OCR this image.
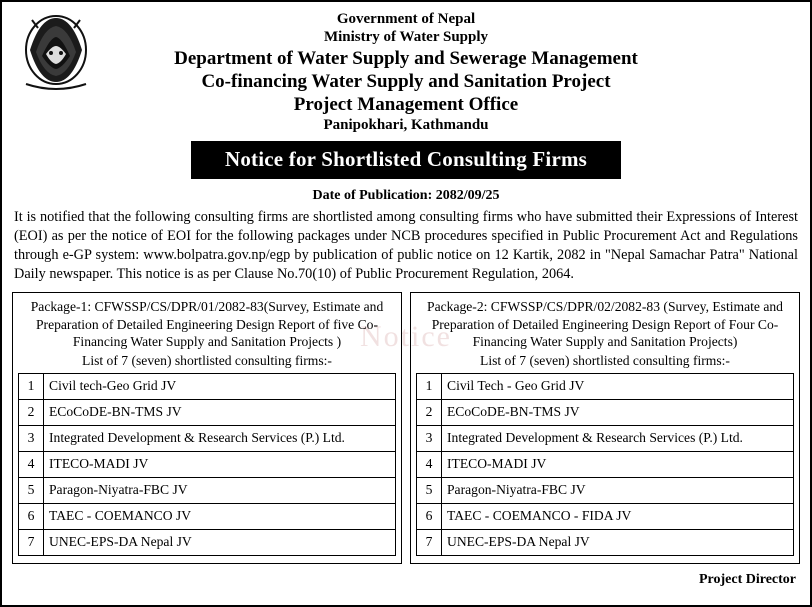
Notice
Government of Nepal
Ministry of Water Supply
Department of Water Supply and Sewerage Management
Co-financing Water Supply and Sanitation Project
Project Management Office
Panipokhari, Kathmandu
Notice for Shortlisted Consulting Firms
Date of Publication: 2082/09/25
It is notified that the following consulting firms are shortlisted among consulting firms who have submitted their Expressions of Interest (EOI) as per the notice of EOI for the following packages under NCB procedures specified in Public Procurement Act and Regulations through e-GP system: www.bolpatra.gov.np/egp by publication of public notice on 12 Kartik, 2082 in "Nepal Samachar Patra" National Daily newspaper. This notice is as per Clause No.70(10) of Public Procurement Regulation, 2064.
Package-1: CFWSSP/CS/DPR/01/2082-83(Survey, Estimate and Preparation of Detailed Engineering Design Report of five Co- Financing Water Supply and Sanitation Projects )
List of 7 (seven) shortlisted consulting firms:-
1	Civil tech-Geo Grid JV
2	ECoCoDE-BN-TMS JV
3	Integrated Development & Research Services (P.) Ltd.
4	ITECO-MADI JV
5	Paragon-Niyatra-FBC JV
6	TAEC - COEMANCO JV
7	UNEC-EPS-DA Nepal JV
Package-2: CFWSSP/CS/DPR/02/2082-83 (Survey, Estimate and Preparation of Detailed Engineering Design Report of Four Co- Financing Water Supply and Sanitation Projects)
List of 7 (seven) shortlisted consulting firms:-
1	Civil Tech - Geo Grid JV
2	ECoCoDE-BN-TMS JV
3	Integrated Development & Research Services (P.) Ltd.
4	ITECO-MADI JV
5	Paragon-Niyatra-FBC JV
6	TAEC - COEMANCO - FIDA JV
7	UNEC-EPS-DA Nepal JV
Project Director
